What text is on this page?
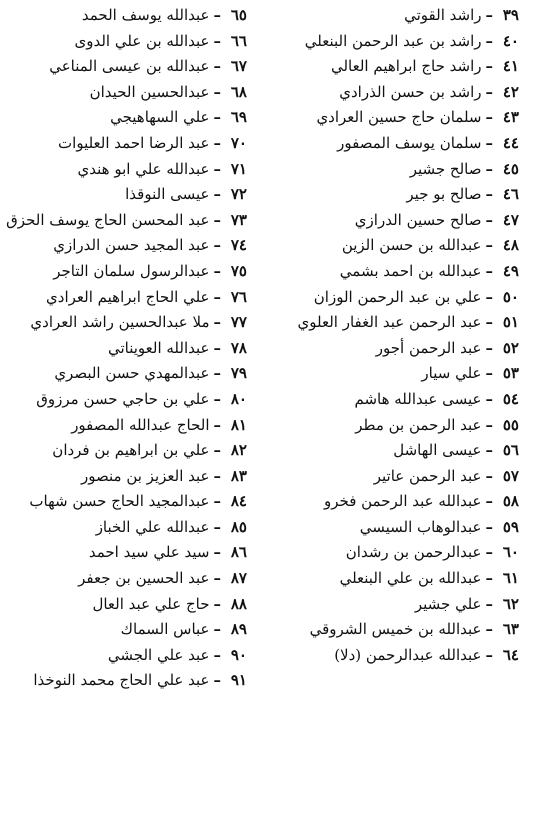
٣٩–راشد القوتي
٤٠–راشد بن عبد الرحمن البنعلي
٤١–راشد حاج ابراهيم العالي
٤٢–راشد بن حسن الذرادي
٤٣–سلمان حاج حسين العرادي
٤٤–سلمان يوسف المصفور
٤٥–صالح جشير
٤٦–صالح بو جير
٤٧–صالح حسين الدرازي
٤٨–عبدالله بن حسن الزين
٤٩–عبدالله بن احمد بشمي
٥٠–علي بن عبد الرحمن الوزان
٥١–عبد الرحمن عبد الغفار العلوي
٥٢–عبد الرحمن أجور
٥٣–علي سيار
٥٤–عيسى عبدالله هاشم
٥٥–عبد الرحمن بن مطر
٥٦–عيسى الهاشل
٥٧–عبد الرحمن عاتير
٥٨–عبدالله عبد الرحمن فخرو
٥٩–عبدالوهاب السيسي
٦٠–عبدالرحمن بن رشدان
٦١–عبدالله بن علي البنعلي
٦٢–علي جشير
٦٣–عبدالله بن خميس الشروقي
٦٤–عبدالله عبدالرحمن (دلا)
٦٥–عبدالله يوسف الحمد
٦٦–عبدالله بن علي الدوى
٦٧–عبدالله بن عيسى المناعي
٦٨–عبدالحسين الحيدان
٦٩–علي السهاهيجي
٧٠–عبد الرضا احمد العليوات
٧١–عبدالله علي ابو هندي
٧٢–عيسى النوقذا
٧٣–عبد المحسن الحاج يوسف الحزق
٧٤–عبد المجيد حسن الدرازي
٧٥–عبدالرسول سلمان التاجر
٧٦–علي الحاج ابراهيم العرادي
٧٧–ملا عبدالحسين راشد العرادي
٧٨–عبدالله العويناتي
٧٩–عبدالمهدي حسن البصري
٨٠–علي بن حاجي حسن مرزوق
٨١–الحاج عبدالله المصفور
٨٢–علي بن ابراهيم بن فردان
٨٣–عبد العزيز بن منصور
٨٤–عبدالمجيد الحاج حسن شهاب
٨٥–عبدالله علي الخباز
٨٦–سيد علي سيد احمد
٨٧–عبد الحسين بن جعفر
٨٨–حاج علي عبد العال
٨٩–عباس السماك
٩٠–عبد علي الجشي
٩١–عبد علي الحاج محمد النوخذا
